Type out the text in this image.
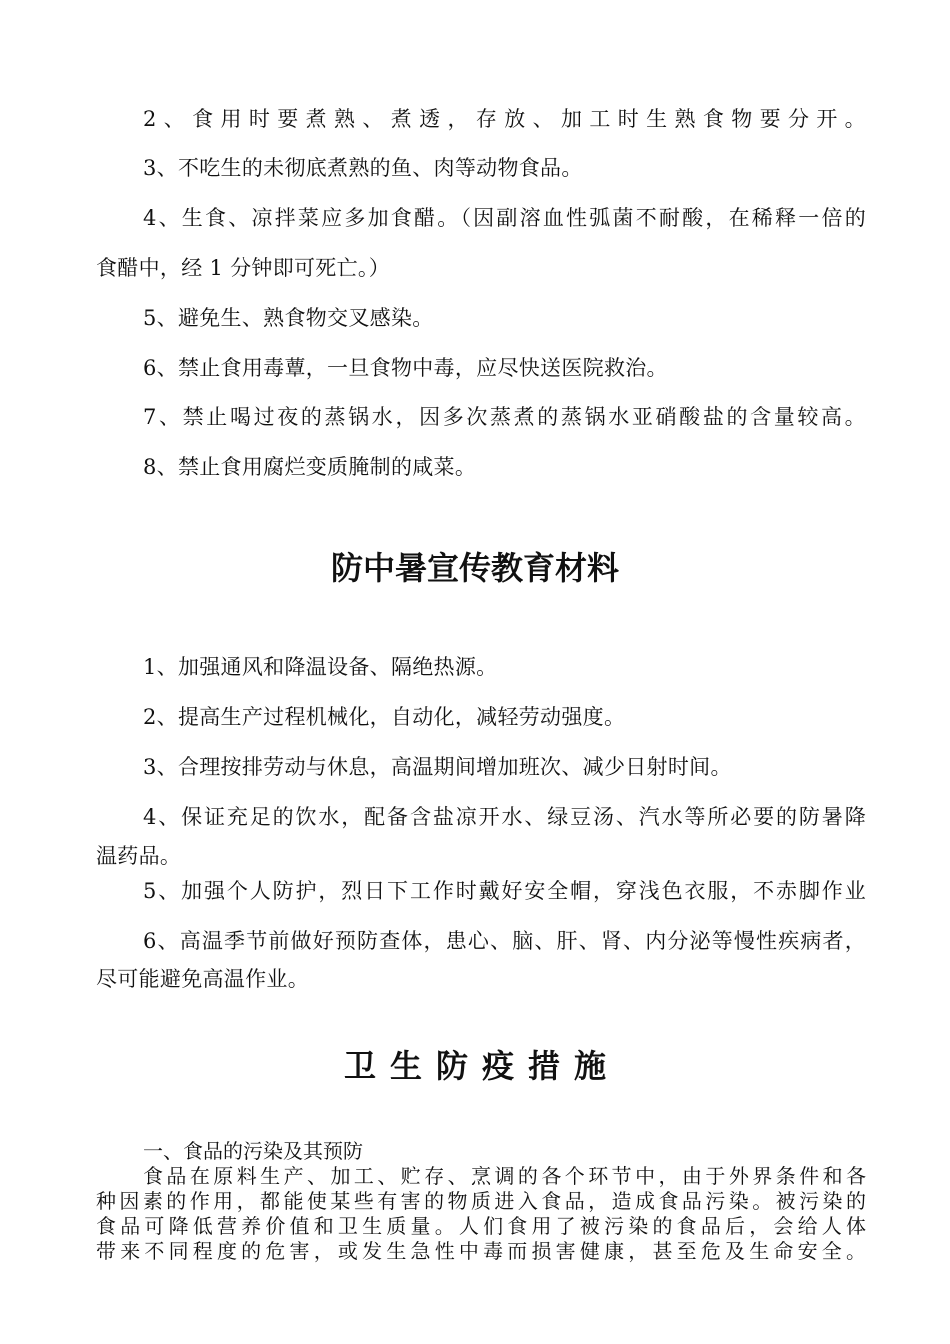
2、食用时要煮熟、煮透，存放、加工时生熟食物要分开。
3、不吃生的未彻底煮熟的鱼、肉等动物食品。
4、生食、凉拌菜应多加食醋。（因副溶血性弧菌不耐酸，在稀释一倍的
食醋中，经 1 分钟即可死亡。）
5、避免生、熟食物交叉感染。
6、禁止食用毒蕈，一旦食物中毒，应尽快送医院救治。
7、禁止喝过夜的蒸锅水，因多次蒸煮的蒸锅水亚硝酸盐的含量较高。
8、禁止食用腐烂变质腌制的咸菜。
防中暑宣传教育材料
1、加强通风和降温设备、隔绝热源。
2、提高生产过程机械化，自动化，减轻劳动强度。
3、合理按排劳动与休息，高温期间增加班次、减少日射时间。
4、保证充足的饮水，配备含盐凉开水、绿豆汤、汽水等所必要的防暑降
温药品。
5、加强个人防护，烈日下工作时戴好安全帽，穿浅色衣服，不赤脚作业
6、高温季节前做好预防查体，患心、脑、肝、肾、内分泌等慢性疾病者，
尽可能避免高温作业。
卫生防疫措施
一、食品的污染及其预防
食品在原料生产、加工、贮存、烹调的各个环节中，由于外界条件和各
种因素的作用，都能使某些有害的物质进入食品，造成食品污染。被污染的
食品可降低营养价值和卫生质量。人们食用了被污染的食品后，会给人体
带来不同程度的危害，或发生急性中毒而损害健康，甚至危及生命安全。
